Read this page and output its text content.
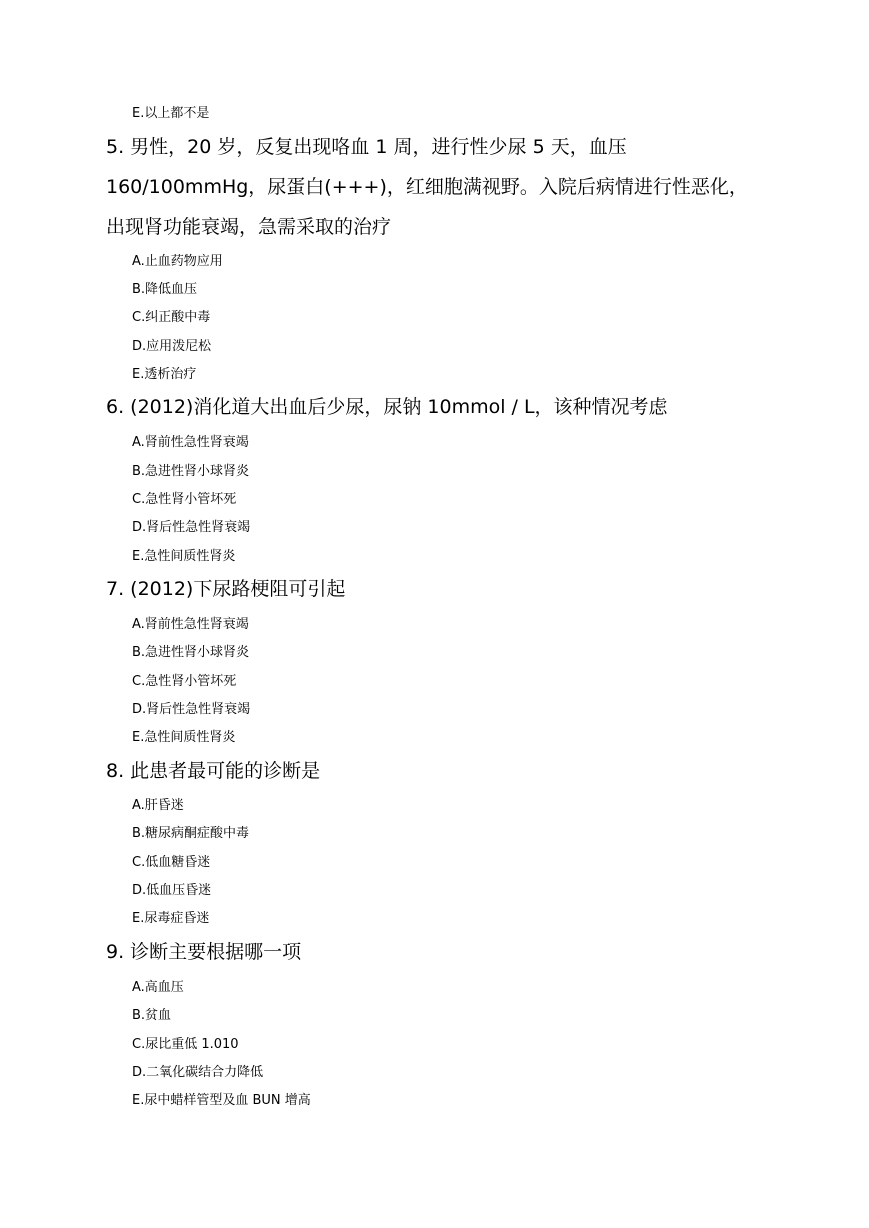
E.以上都不是
5. 男性，20 岁，反复出现咯血 1 周，进行性少尿 5 天，血压
160/100mmHg，尿蛋白(+++)，红细胞满视野。入院后病情进行性恶化，
出现肾功能衰竭，急需采取的治疗
A.止血药物应用
B.降低血压
C.纠正酸中毒
D.应用泼尼松
E.透析治疗
6. (2012)消化道大出血后少尿，尿钠 10mmol / L，该种情况考虑
A.肾前性急性肾衰竭
B.急进性肾小球肾炎
C.急性肾小管坏死
D.肾后性急性肾衰竭
E.急性间质性肾炎
7. (2012)下尿路梗阻可引起
A.肾前性急性肾衰竭
B.急进性肾小球肾炎
C.急性肾小管坏死
D.肾后性急性肾衰竭
E.急性间质性肾炎
8. 此患者最可能的诊断是
A.肝昏迷
B.糖尿病酮症酸中毒
C.低血糖昏迷
D.低血压昏迷
E.尿毒症昏迷
9. 诊断主要根据哪一项
A.高血压
B.贫血
C.尿比重低 1.010
D.二氧化碳结合力降低
E.尿中蜡样管型及血 BUN 增高
